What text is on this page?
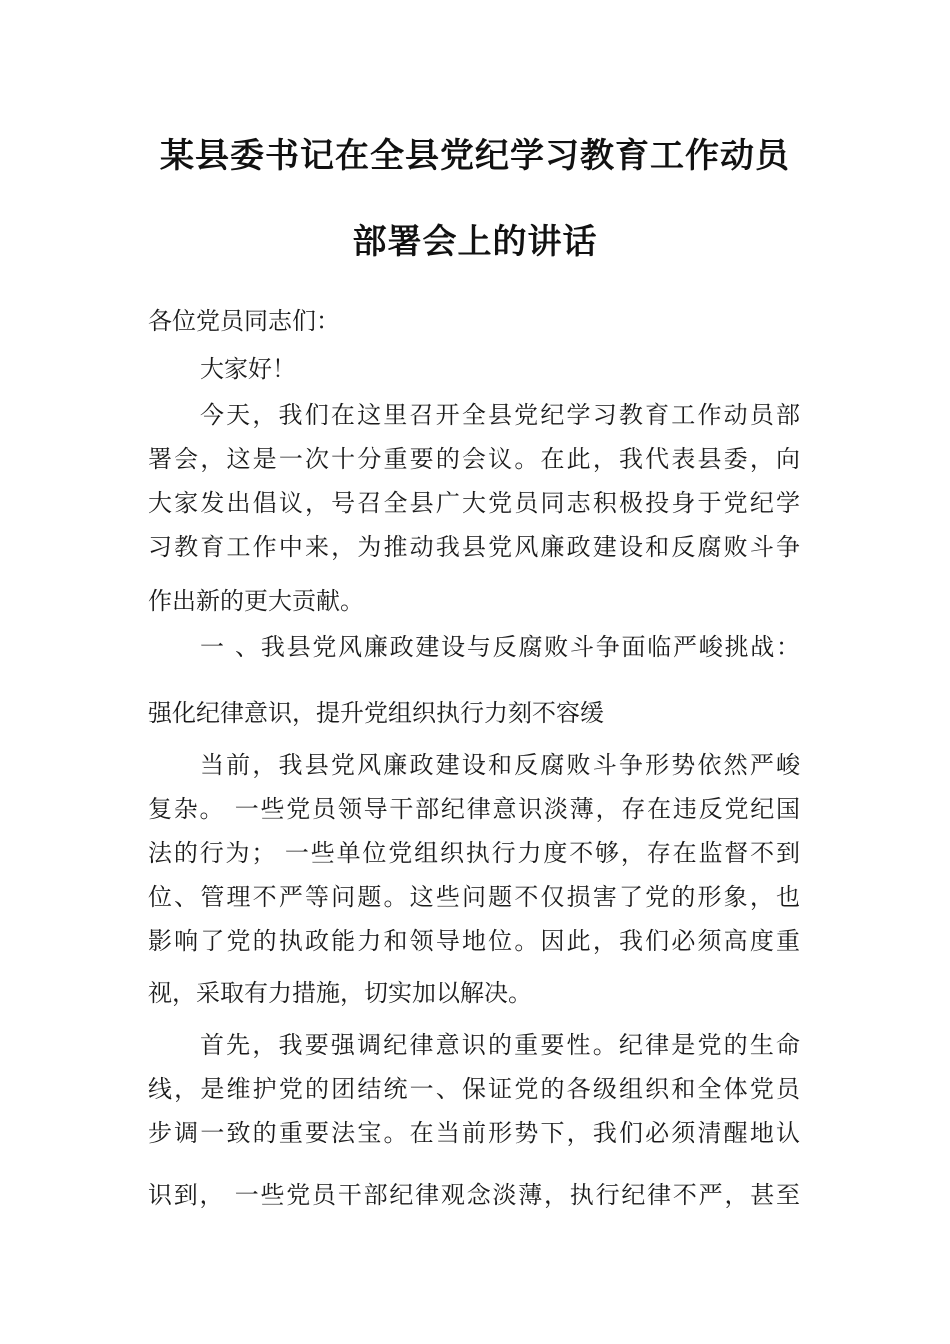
某县委书记在全县党纪学习教育工作动员
部署会上的讲话
各位党员同志们：
大家好！
今天，我们在这里召开全县党纪学习教育工作动员部
署会，这是一次十分重要的会议。在此，我代表县委，向
大家发出倡议，号召全县广大党员同志积极投身于党纪学
习教育工作中来，为推动我县党风廉政建设和反腐败斗争
作出新的更大贡献。
一 、我县党风廉政建设与反腐败斗争面临严峻挑战：
强化纪律意识，提升党组织执行力刻不容缓
当前，我县党风廉政建设和反腐败斗争形势依然严峻
复杂。 一些党员领导干部纪律意识淡薄，存在违反党纪国
法的行为； 一些单位党组织执行力度不够，存在监督不到
位、管理不严等问题。这些问题不仅损害了党的形象，也
影响了党的执政能力和领导地位。因此，我们必须高度重
视，采取有力措施，切实加以解决。
首先，我要强调纪律意识的重要性。纪律是党的生命
线，是维护党的团结统一、保证党的各级组织和全体党员
步调一致的重要法宝。在当前形势下，我们必须清醒地认
识到， 一些党员干部纪律观念淡薄，执行纪律不严，甚至
